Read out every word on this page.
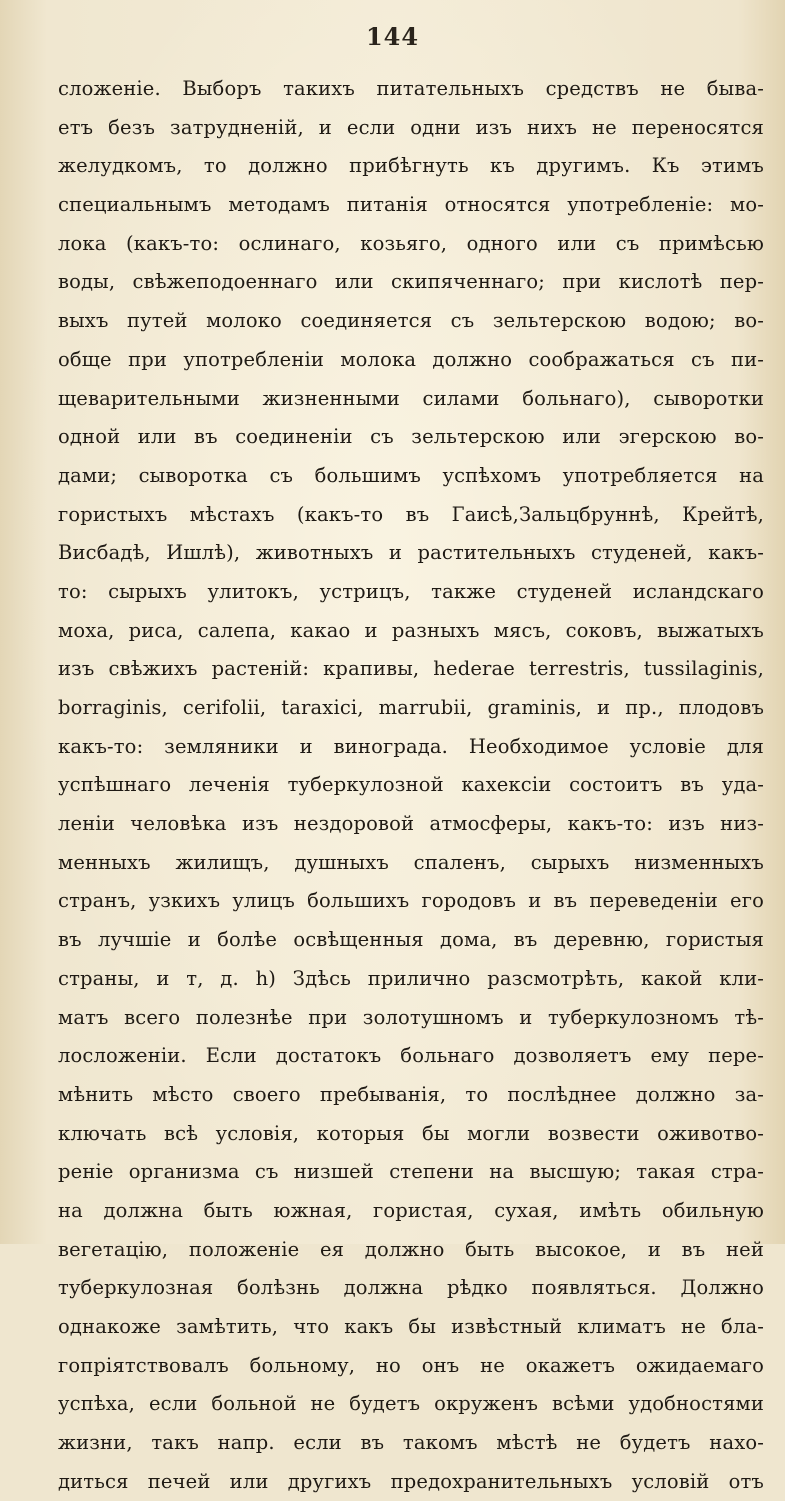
144
сложеніе. Выборъ такихъ питательныхъ средствъ не быва-
етъ безъ затрудненій, и если одни изъ нихъ не переносятся
желудкомъ, то должно прибѣгнуть къ другимъ. Къ этимъ
специальнымъ методамъ питанія относятся употребленіе: мо-
лока (какъ-то: ослинаго, козьяго, одного или съ примѣсью
воды, свѣжеподоеннаго или скипяченнаго; при кислотѣ пер-
выхъ путей молоко соединяется съ зельтерскою водою; во-
обще при употребленіи молока должно соображаться съ пи-
щеварительными жизненными силами больнаго), сыворотки
одной или въ соединеніи съ зельтерскою или эгерскою во-
дами; сыворотка съ большимъ успѣхомъ употребляется на
гористыхъ мѣстахъ (какъ-то въ Гаисѣ,Зальцбруннѣ, Крейтѣ,
Висбадѣ, Ишлѣ), животныхъ и растительныхъ студеней, какъ-
то: сырыхъ улитокъ, устрицъ, также студеней исландскаго
моха, риса, салепа, какао и разныхъ мясъ, соковъ, выжатыхъ
изъ свѣжихъ растеній: крапивы, hederae terrestris, tussilaginis,
borraginis, cerifolii, taraxici, marrubii, graminis, и пр., плодовъ
какъ-то: земляники и винограда. Необходимое условіе для
успѣшнаго леченія туберкулозной кахексіи состоитъ въ уда-
леніи человѣка изъ нездоровой атмосферы, какъ-то: изъ низ-
менныхъ жилищъ, душныхъ спаленъ, сырыхъ низменныхъ
странъ, узкихъ улицъ большихъ городовъ и въ переведеніи его
въ лучшіе и болѣе освѣщенныя дома, въ деревню, гористыя
страны, и т, д. h) Здѣсь прилично разсмотрѣть, какой кли-
матъ всего полезнѣе при золотушномъ и туберкулозномъ тѣ-
лосложеніи. Если достатокъ больнаго дозволяетъ ему пере-
мѣнить мѣсто своего пребыванія, то послѣднее должно за-
ключать всѣ условія, которыя бы могли возвести оживотво-
реніе организма съ низшей степени на высшую; такая стра-
на должна быть южная, гористая, сухая, имѣть обильную
вегетацію, положеніе ея должно быть высокое, и въ ней
туберкулозная болѣзнь должна рѣдко появляться. Должно
однакоже замѣтить, что какъ бы извѣстный климатъ не бла-
гопріятствовалъ больному, но онъ не окажетъ ожидаемаго
успѣха, если больной не будетъ окруженъ всѣми удобностями
жизни, такъ напр. если въ такомъ мѣстѣ не будетъ нахо-
диться печей или другихъ предохранительныхъ условій отъ
